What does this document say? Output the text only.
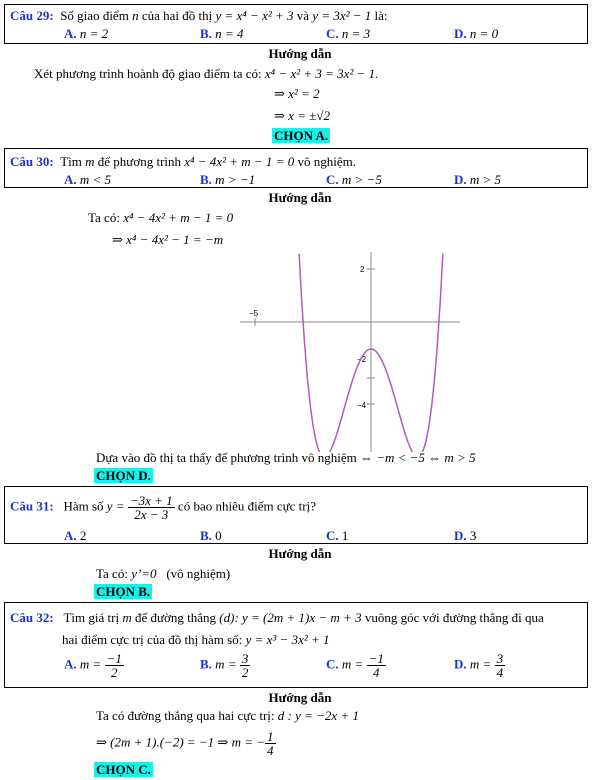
Câu 29: Số giao điểm n của hai đồ thị y = x⁴ − x² + 3 và y = 3x² − 1 là:
A. n = 2	B. n = 4	C. n = 3	D. n = 0
Hướng dẫn
Xét phương trình hoành độ giao điểm ta có: x⁴ − x² + 3 = 3x² − 1.
⇒ x² = 2
⇒ x = ±√2
CHỌN A.
Câu 30: Tìm m để phương trình x⁴ − 4x² + m − 1 = 0 vô nghiệm.
A. m < 5	B. m > −1	C. m > −5	D. m > 5
Hướng dẫn
Ta có: x⁴ − 4x² + m − 1 = 0
⇒ x⁴ − 4x² − 1 = −m
2
−5
−2
−4
Dựa vào đồ thị ta thấy để phương trình vô nghiệm ⇔ −m < −5 ⇔ m > 5
CHỌN D.
Câu 31: Hàm số $y = \frac{-3x + 1}{2x - 3}$ có bao nhiêu điểm cực trị?
A. 2	B. 0	C. 1	D. 3
Hướng dẫn
Ta có: y’=0 (vô nghiệm)
CHỌN B.
Câu 32: Tìm giá trị m để đường thẳng (d): y = (2m + 1)x − m + 3 vuông góc với đường thẳng đi qua
hai điểm cực trị của đồ thị hàm số: y = x³ − 3x² + 1
A. $m = \frac{-1}{2}$	B. $m = \frac{3}{2}$	C. $m = \frac{-1}{4}$	D. $m = \frac{3}{4}$
Hướng dẫn
Ta có đường thẳng qua hai cực trị: d : y = −2x + 1
⇒ (2m + 1).(−2) = −1 ⇒ m = − $\frac{1}{4}$
CHỌN C.
